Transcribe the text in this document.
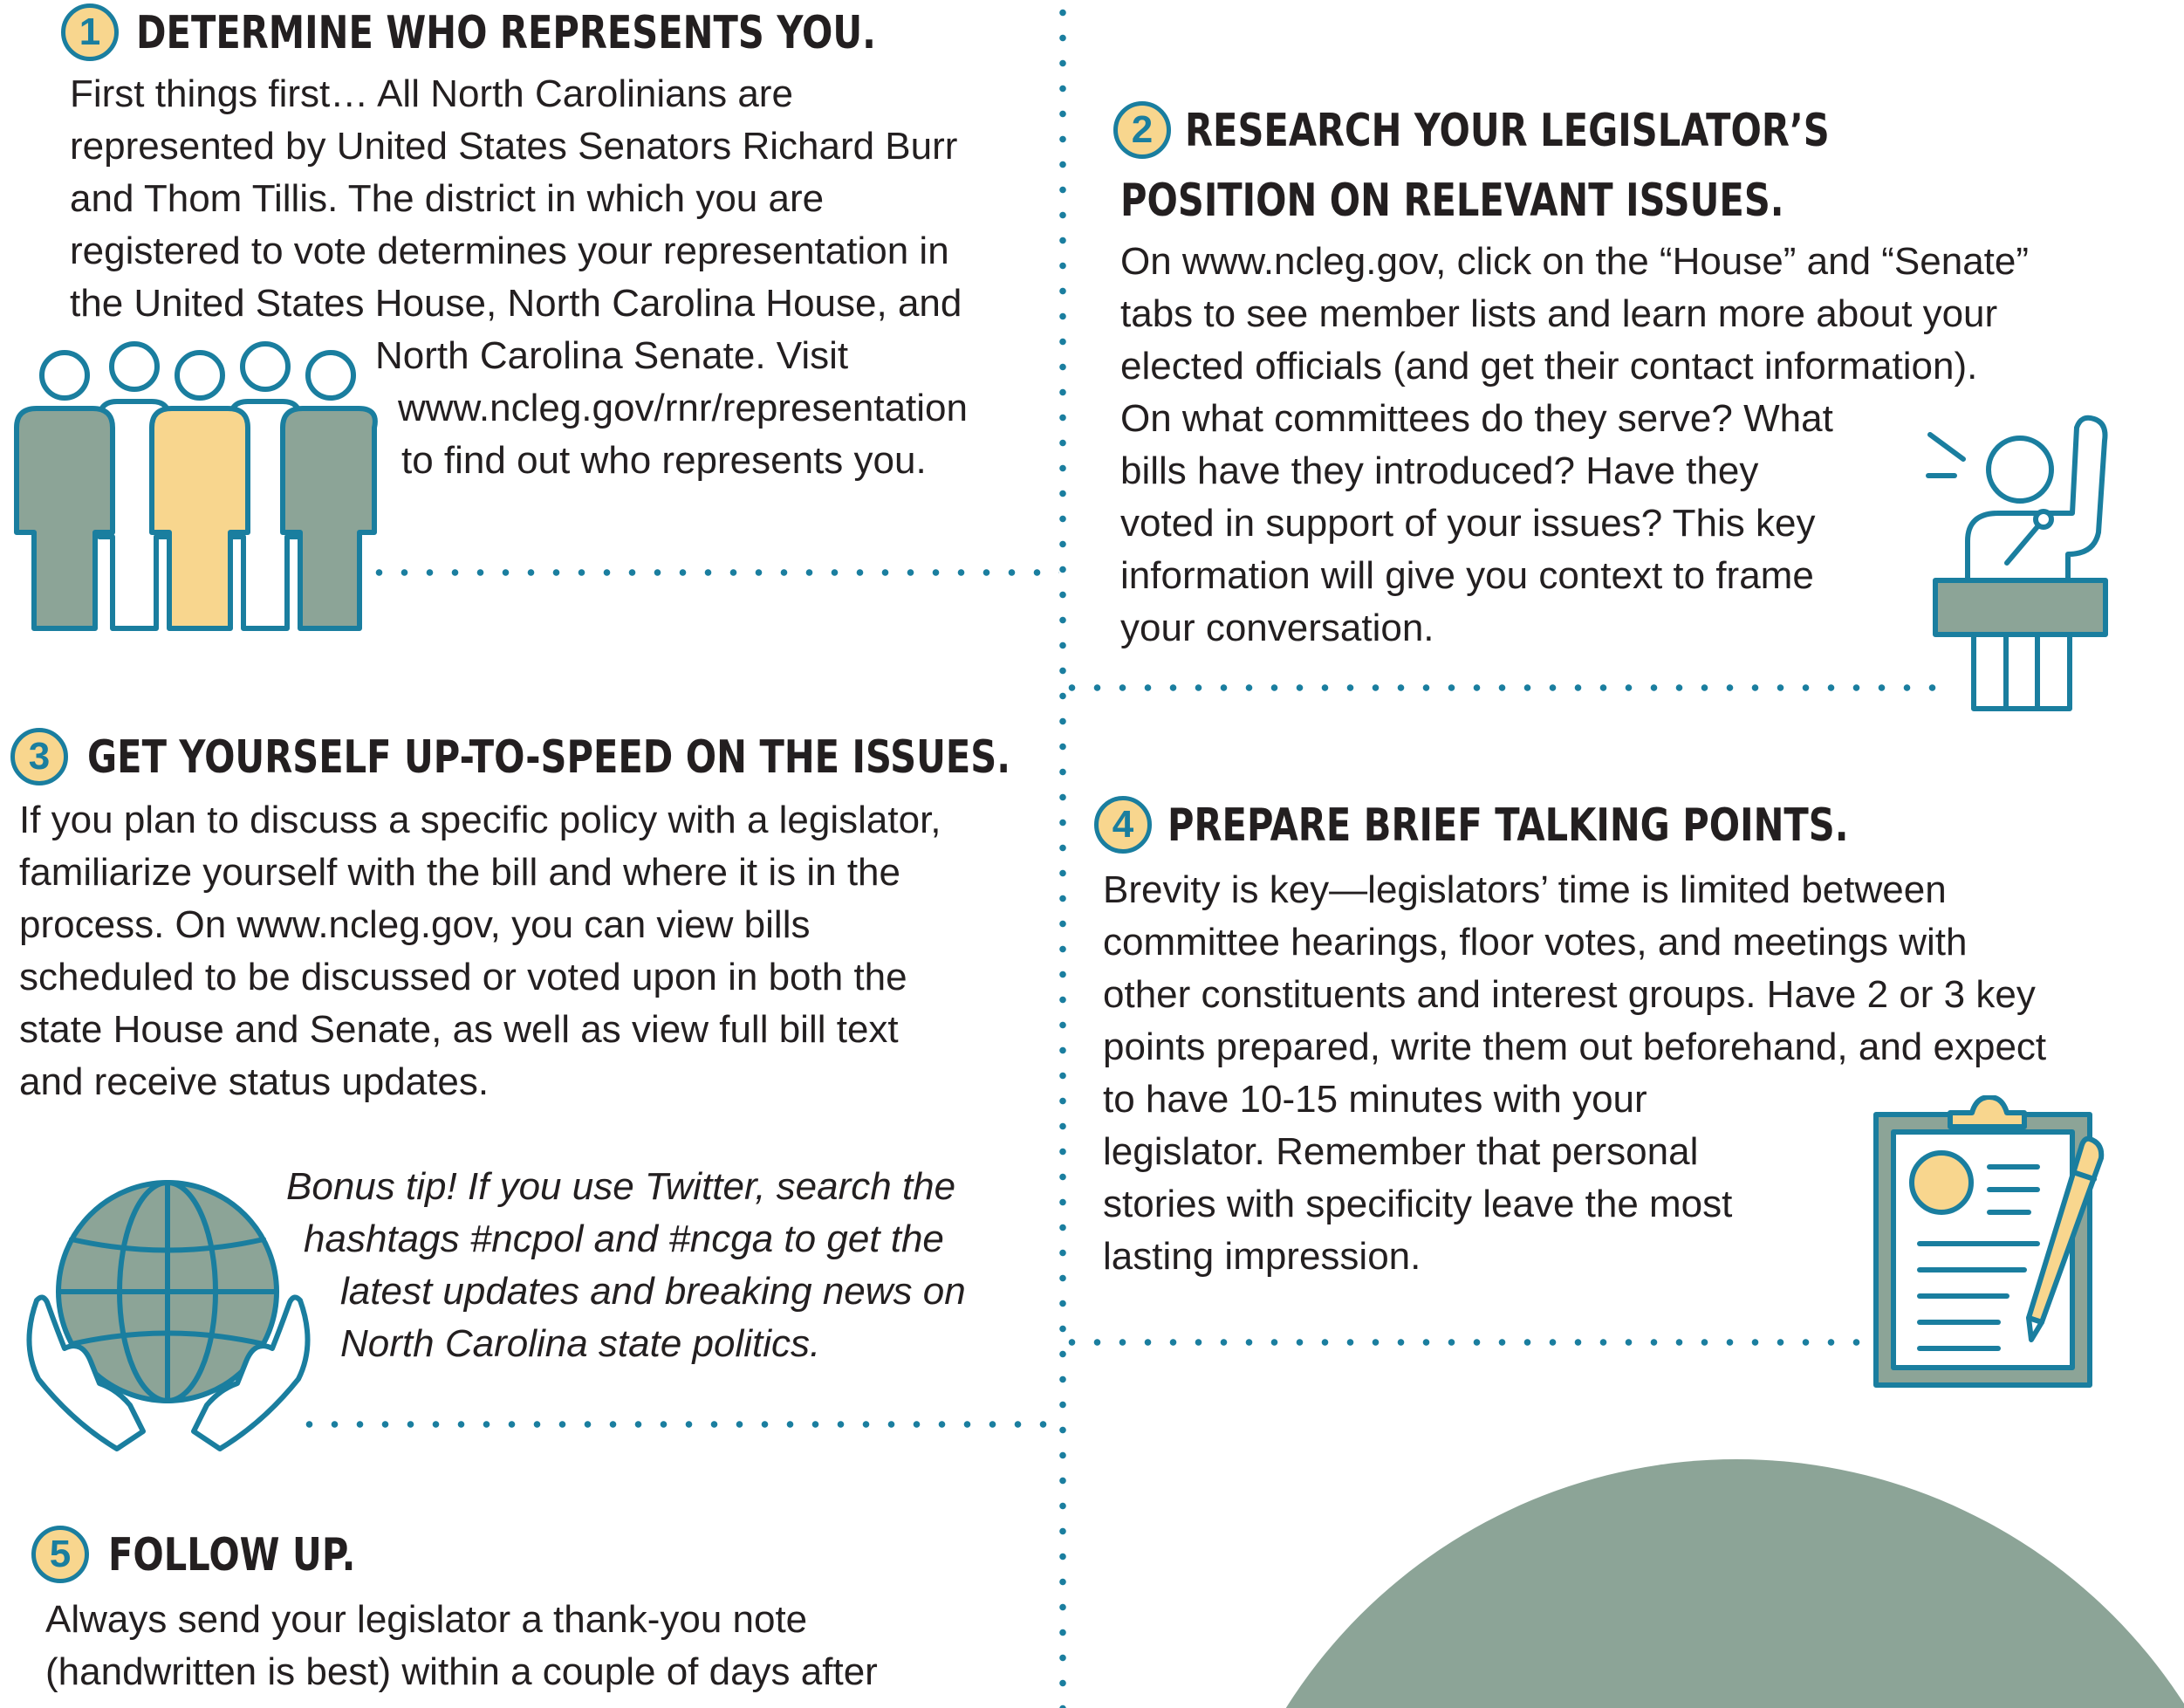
1 DETERMINE WHO REPRESENTS YOU.
First things first… All North Carolinians are
represented by United States Senators Richard Burr
and Thom Tillis. The district in which you are
registered to vote determines your representation in
the United States House, North Carolina House, and
North Carolina Senate. Visit
www.ncleg.gov/rnr/representation
to find out who represents you.
2 RESEARCH YOUR LEGISLATOR’S
POSITION ON RELEVANT ISSUES.
On www.ncleg.gov, click on the “House” and “Senate”
tabs to see member lists and learn more about your
elected officials (and get their contact information).
On what committees do they serve? What
bills have they introduced? Have they
voted in support of your issues? This key
information will give you context to frame
your conversation.
3 GET YOURSELF UP-TO-SPEED ON THE ISSUES.
If you plan to discuss a specific policy with a legislator,
familiarize yourself with the bill and where it is in the
process. On www.ncleg.gov, you can view bills
scheduled to be discussed or voted upon in both the
state House and Senate, as well as view full bill text
and receive status updates.
Bonus tip! If you use Twitter, search the
hashtags #ncpol and #ncga to get the
latest updates and breaking news on
North Carolina state politics.
4 PREPARE BRIEF TALKING POINTS.
Brevity is key—legislators’ time is limited between
committee hearings, floor votes, and meetings with
other constituents and interest groups. Have 2 or 3 key
points prepared, write them out beforehand, and expect
to have 10-15 minutes with your
legislator. Remember that personal
stories with specificity leave the most
lasting impression.
5 FOLLOW UP.
Always send your legislator a thank-you note
(handwritten is best) within a couple of days after
